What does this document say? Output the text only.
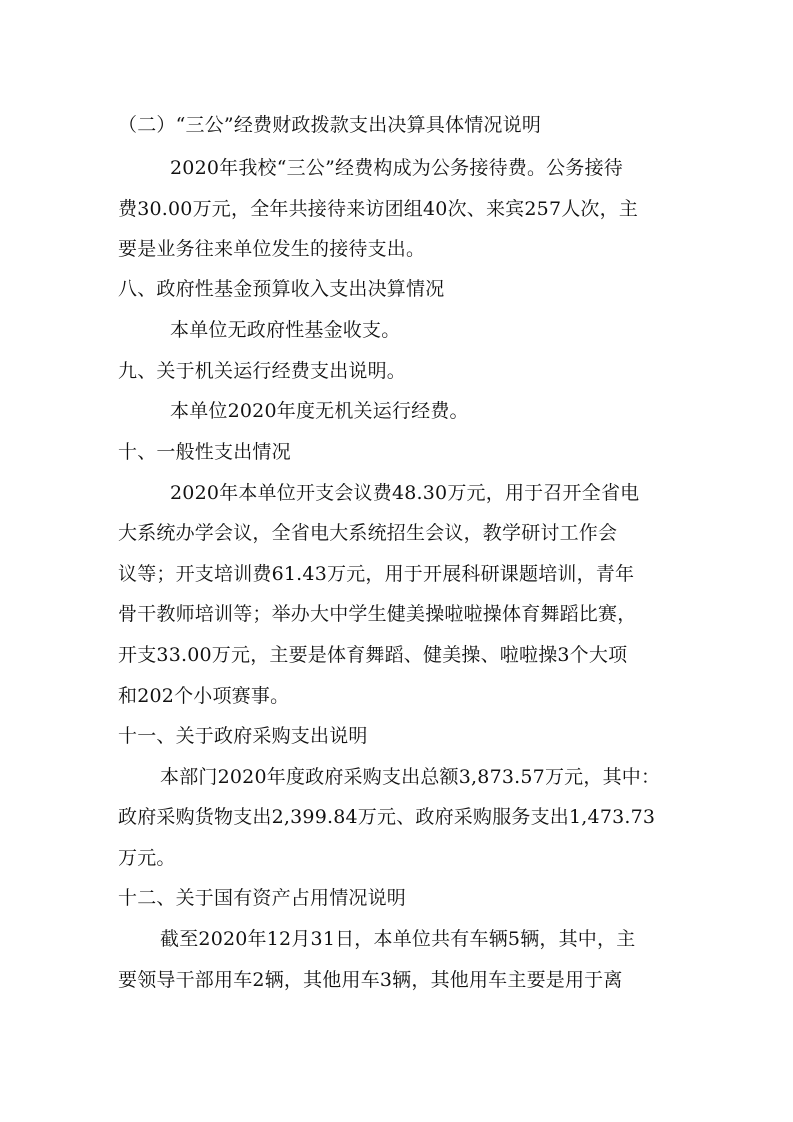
（二）“三公”经费财政拨款支出决算具体情况说明
2020年我校“三公”经费构成为公务接待费。公务接待
费30.00万元，全年共接待来访团组40次、来宾257人次，主
要是业务往来单位发生的接待支出。
八、政府性基金预算收入支出决算情况
本单位无政府性基金收支。
九、关于机关运行经费支出说明。
本单位2020年度无机关运行经费。
十、一般性支出情况
2020年本单位开支会议费48.30万元，用于召开全省电
大系统办学会议，全省电大系统招生会议，教学研讨工作会
议等；开支培训费61.43万元，用于开展科研课题培训，青年
骨干教师培训等；举办大中学生健美操啦啦操体育舞蹈比赛，
开支33.00万元，主要是体育舞蹈、健美操、啦啦操3个大项
和202个小项赛事。
十一、关于政府采购支出说明
本部门2020年度政府采购支出总额3,873.57万元，其中：
政府采购货物支出2,399.84万元、政府采购服务支出1,473.73
万元。
十二、关于国有资产占用情况说明
截至2020年12月31日，本单位共有车辆5辆，其中，主
要领导干部用车2辆，其他用车3辆，其他用车主要是用于离
